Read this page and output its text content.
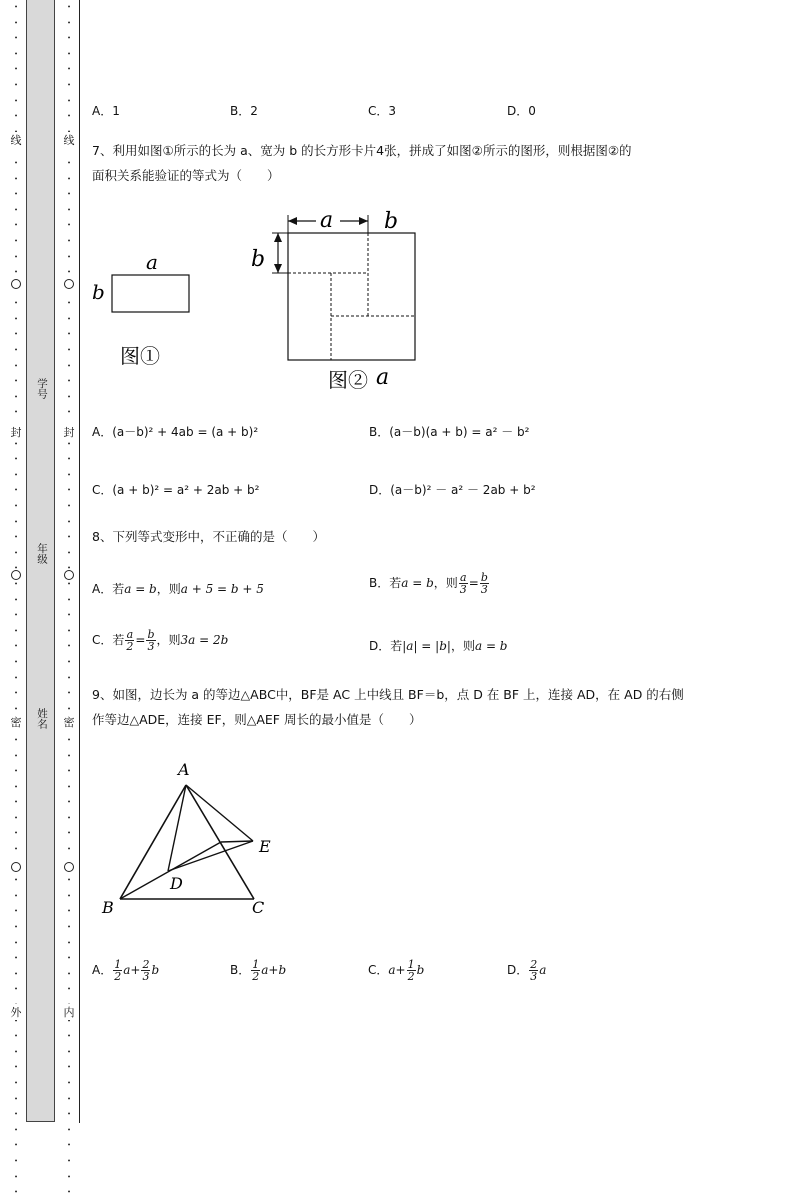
•
•
•
•
•
•
•
•
•
•
•
•
•
•
•
•
•
•
•
•
•
•
•
•
•
•
•
•
•
•
•
•
•
•
•
•
•
•
•
•
•
•
•
•
•
•
•
•
•
•
•
•
•
•
•
•
•
•
•
•
•
•
•
•
•
•
•
•
•
•
•
•
•
•
•
•
•
•
•
•
•
•
•
•
•
•
•
•
•
•
•
•
•
•
•
•
•
•
•
•
•
•
•
•
•
•
•
•
•
•
•
•
•
•
•
•
•
•
•
•
•
•
•
•
•
•
•
•
•
•
•
•
•
•
•
•
•
•
•
•
•
•
•
•
•
•
•
•
•
•
•
•
•
•
线
封
密
外
线
封
密
内
学号
年级
姓名
A．1	B．2	C．3	D．0
7、利用如图①所示的长为 a、宽为 b 的长方形卡片4张，拼成了如图②所示的图形，则根据图②的
面积关系能验证的等式为（　　）
a
b
图①
a b
b
图② a
A．(a－b)² + 4ab = (a + b)²	B．(a－b)(a + b) = a² － b²
C．(a + b)² = a² + 2ab + b²	D．(a－b)² － a² － 2ab + b²
8、下列等式变形中，不正确的是（　　）
A．若a = b，则a + 5 = b + 5	B．若a = b，则 $\frac{a}{3} = \frac{b}{3}$
C．若 $\frac{a}{2} = \frac{b}{3}$ ，则3a = 2b	D．若|a| = |b|，则a = b
9、如图，边长为 a 的等边△ABC中，BF是 AC 上中线且 BF＝b，点 D 在 BF 上，连接 AD，在 AD 的右侧
作等边△ADE，连接 EF，则△AEF 周长的最小值是（　　）
A
B	C
D
E
A． $\frac{1}{2} a+ \frac{2}{3}$ b	B． $\frac{1}{2} a+b$	C．$a+ \frac{1}{2}$ b	D． $\frac{2}{3}$ a
